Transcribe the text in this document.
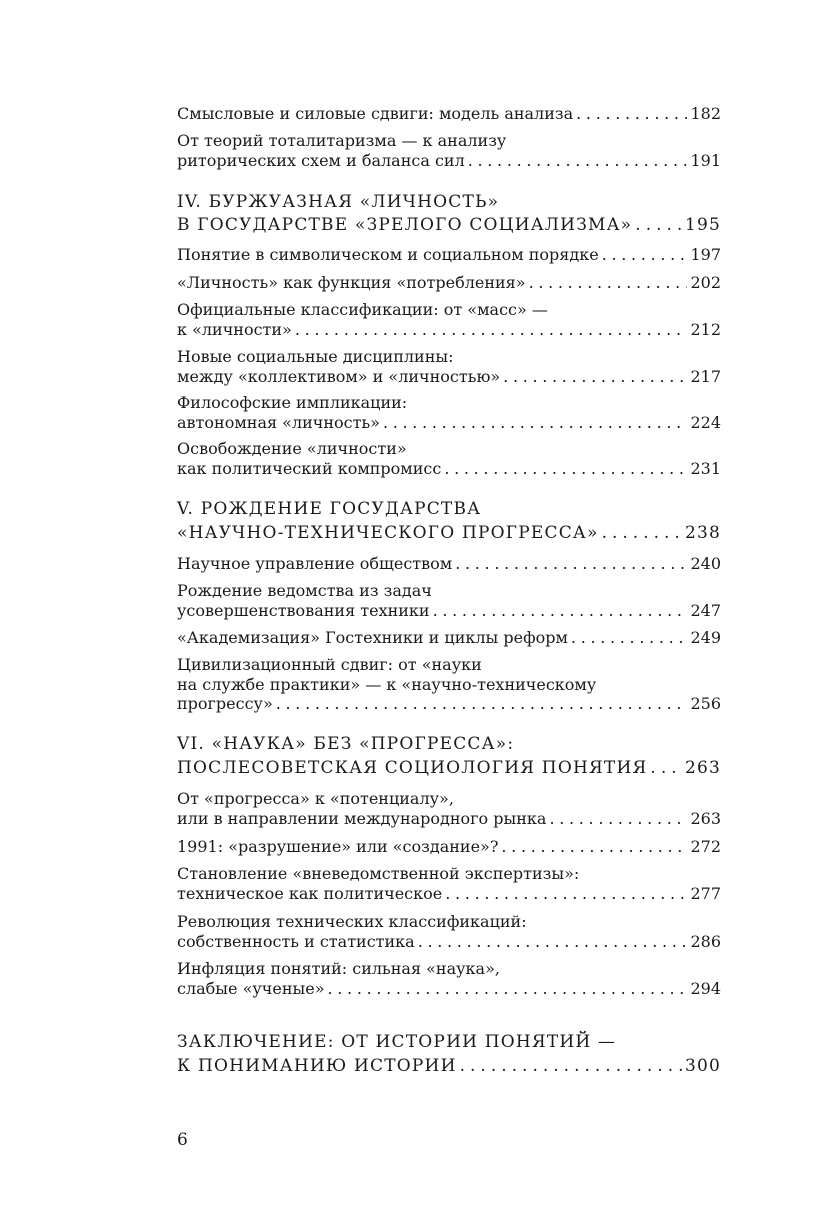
Смысловые и силовые сдвиги: модель анализа . . .	182
От теорий тоталитаризма — к анализу
риторических схем и баланса сил . . .	191
IV. БУРЖУАЗНАЯ «ЛИЧНОСТЬ»
В ГОСУДАРСТВЕ «ЗРЕЛОГО СОЦИАЛИЗМА» . . .	195
Понятие в символическом и социальном порядке . . .	197
«Личность» как функция «потребления» . . .	202
Официальные классификации: от «масс» —
к «личности» . . .	212
Новые социальные дисциплины:
между «коллективом» и «личностью» . . .	217
Философские импликации:
автономная «личность» . . .	224
Освобождение «личности»
как политический компромисс . . .	231
V. РОЖДЕНИЕ ГОСУДАРСТВА
«НАУЧНО-ТЕХНИЧЕСКОГО ПРОГРЕССА» . . .	238
Научное управление обществом . . .	240
Рождение ведомства из задач
усовершенствования техники . . .	247
«Академизация» Гостехники и циклы реформ . . .	249
Цивилизационный сдвиг: от «науки
на службе практики» — к «научно-техническому
прогрессу» . . .	256
VI. «НАУКА» БЕЗ «ПРОГРЕССА»:
ПОСЛЕСОВЕТСКАЯ СОЦИОЛОГИЯ ПОНЯТИЯ . . . 263
От «прогресса» к «потенциалу»,
или в направлении международного рынка . . .	263
1991: «разрушение» или «создание»? . . .	272
Становление «вневедомственной экспертизы»:
техническое как политическое . . .	277
Революция технических классификаций:
собственность и статистика . . .	286
Инфляция понятий: сильная «наука»,
слабые «ученые» . . .	294
ЗАКЛЮЧЕНИЕ: ОТ ИСТОРИИ ПОНЯТИЙ —
К ПОНИМАНИЮ ИСТОРИИ . . .	300
6
